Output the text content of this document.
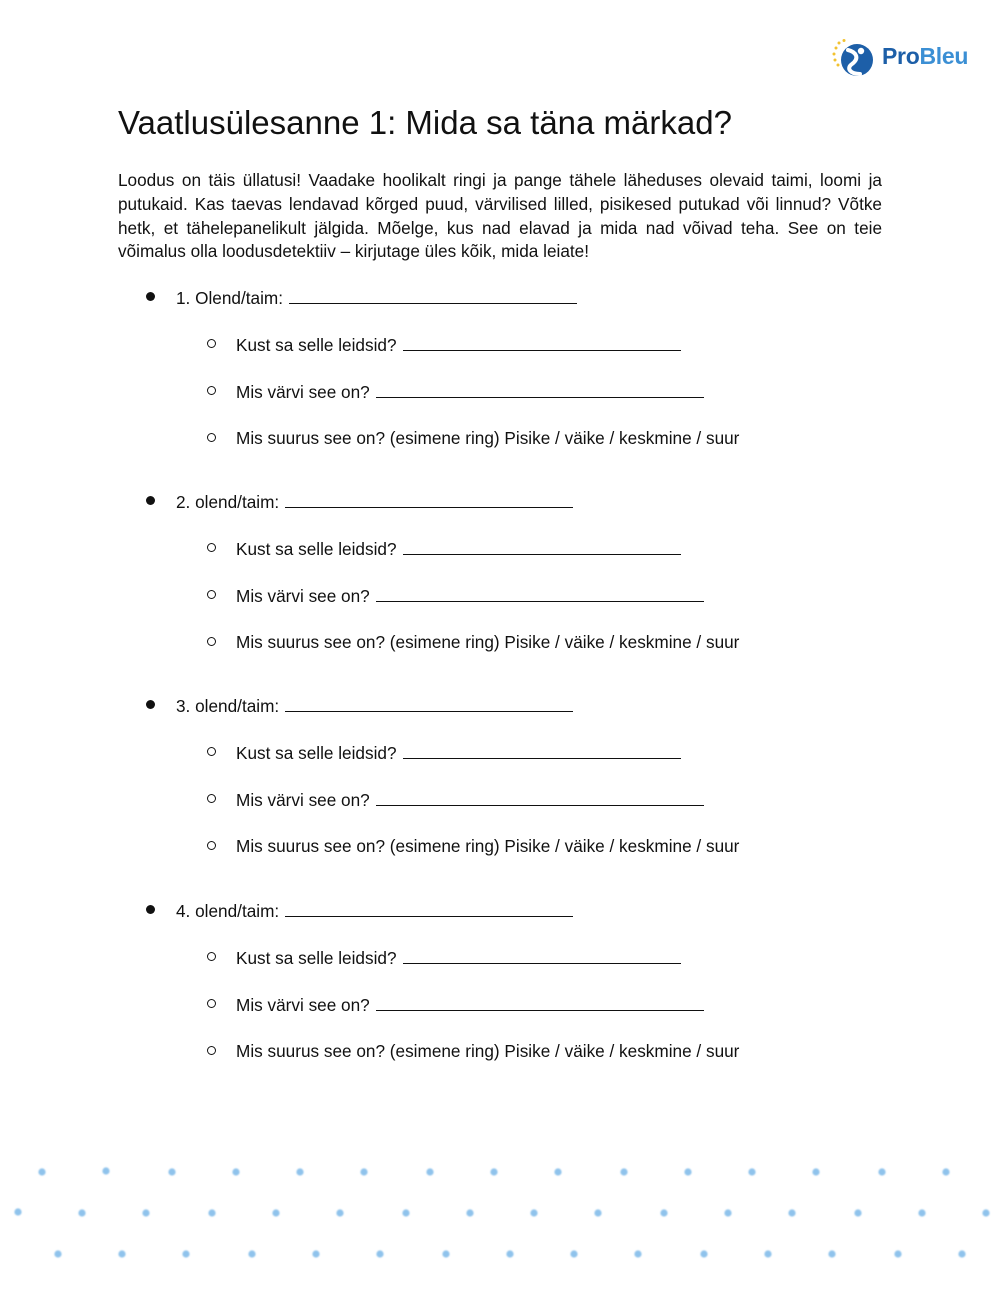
ProBleu
Vaatlusülesanne 1: Mida sa täna märkad?

Loodus on täis üllatusi! Vaadake hoolikalt ringi ja pange tähele läheduses olevaid taimi, loomi ja putukaid. Kas taevas lendavad kõrged puud, värvilised lilled, pisikesed putukad või linnud? Võtke hetk, et tähelepanelikult jälgida. Mõelge, kus nad elavad ja mida nad võivad teha. See on teie võimalus olla loodusdetektiiv – kirjutage üles kõik, mida leiate!

1. Olend/taim:
Kust sa selle leidsid?
Mis värvi see on?
Mis suurus see on? (esimene ring) Pisike / väike / keskmine / suur
2. olend/taim:
Kust sa selle leidsid?
Mis värvi see on?
Mis suurus see on? (esimene ring) Pisike / väike / keskmine / suur
3. olend/taim:
Kust sa selle leidsid?
Mis värvi see on?
Mis suurus see on? (esimene ring) Pisike / väike / keskmine / suur
4. olend/taim:
Kust sa selle leidsid?
Mis värvi see on?
Mis suurus see on? (esimene ring) Pisike / väike / keskmine / suur
